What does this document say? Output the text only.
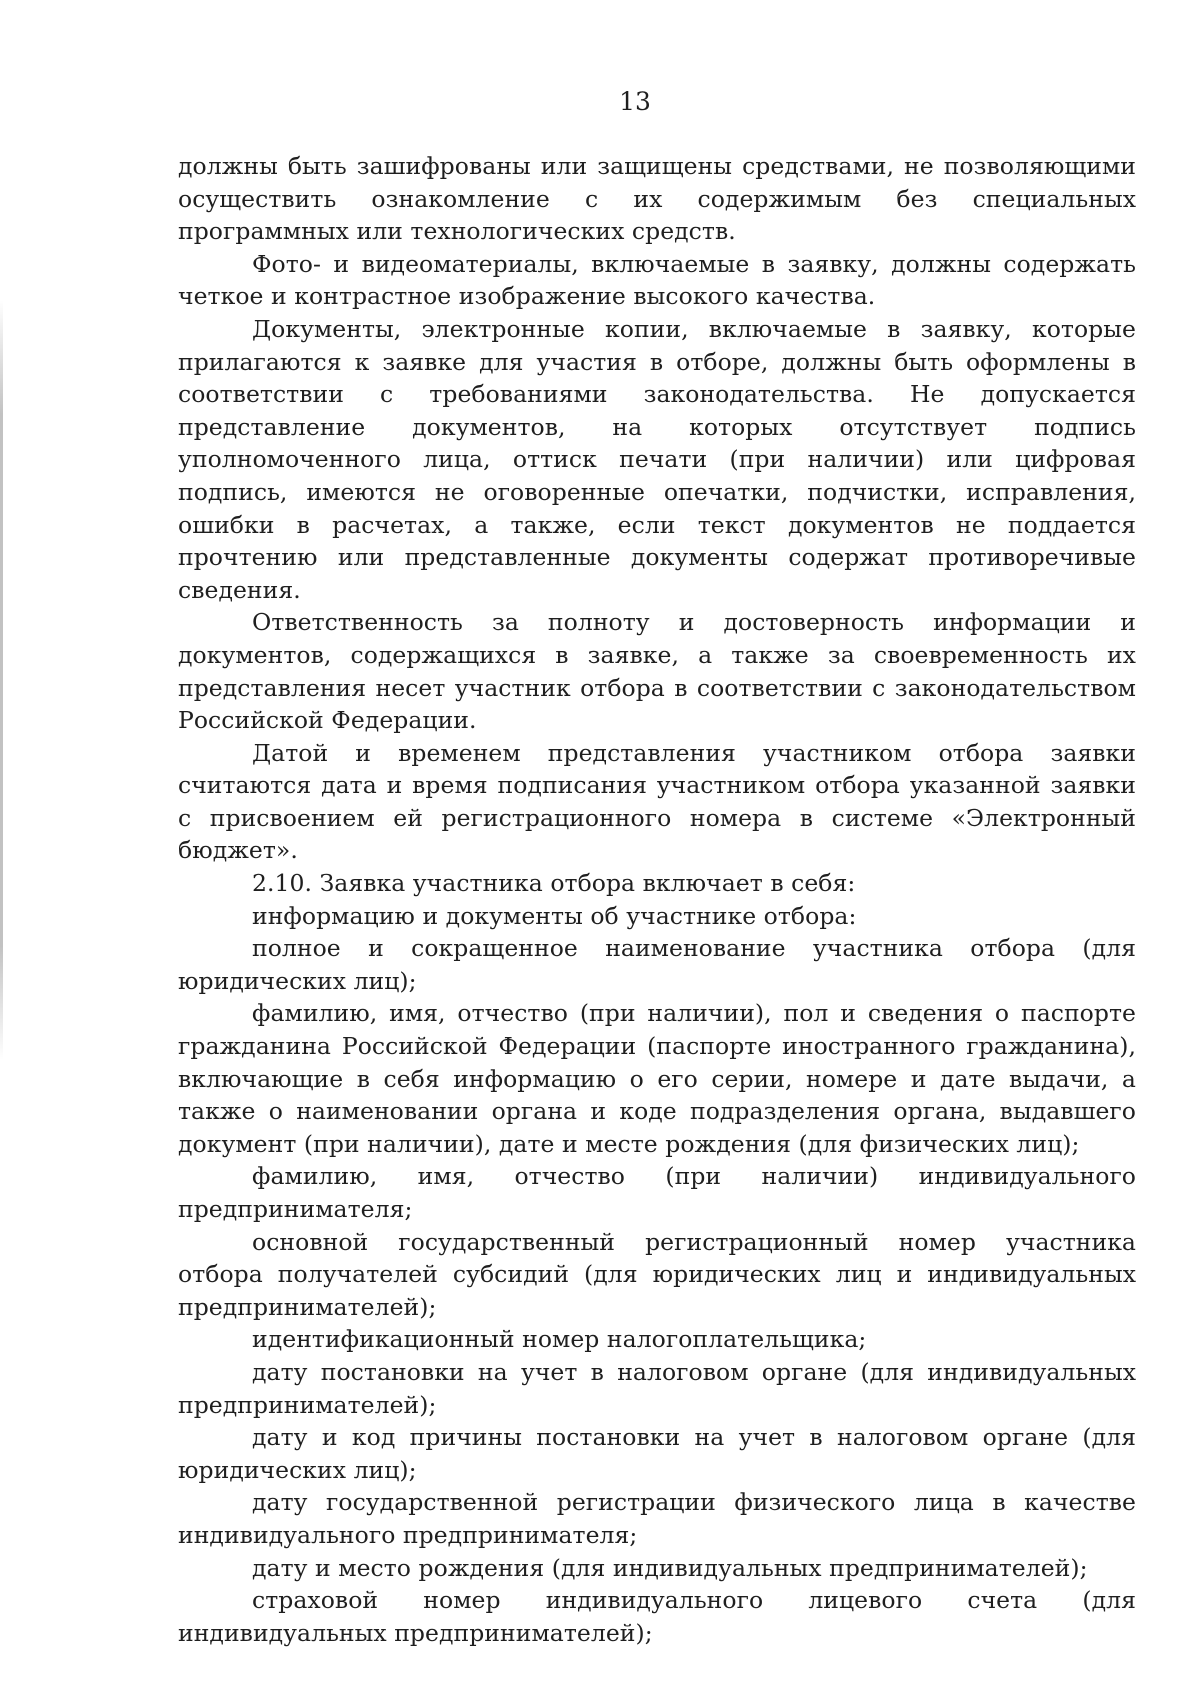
13

должны быть зашифрованы или защищены средствами, не позволяющими осуществить ознакомление с их содержимым без специальных программных или технологических средств.

Фото- и видеоматериалы, включаемые в заявку, должны содержать четкое и контрастное изображение высокого качества.

Документы, электронные копии, включаемые в заявку, которые прилагаются к заявке для участия в отборе, должны быть оформлены в соответствии с требованиями законодательства. Не допускается представление документов, на которых отсутствует подпись уполномоченного лица, оттиск печати (при наличии) или цифровая подпись, имеются не оговоренные опечатки, подчистки, исправления, ошибки в расчетах, а также, если текст документов не поддается прочтению или представленные документы содержат противоречивые сведения.

Ответственность за полноту и достоверность информации и документов, содержащихся в заявке, а также за своевременность их представления несет участник отбора в соответствии с законодательством Российской Федерации.

Датой и временем представления участником отбора заявки считаются дата и время подписания участником отбора указанной заявки с присвоением ей регистрационного номера в системе «Электронный бюджет».

2.10. Заявка участника отбора включает в себя:

информацию и документы об участнике отбора:

полное и сокращенное наименование участника отбора (для юридических лиц);

фамилию, имя, отчество (при наличии), пол и сведения о паспорте гражданина Российской Федерации (паспорте иностранного гражданина), включающие в себя информацию о его серии, номере и дате выдачи, а также о наименовании органа и коде подразделения органа, выдавшего документ (при наличии), дате и месте рождения (для физических лиц);

фамилию, имя, отчество (при наличии) индивидуального предпринимателя;

основной государственный регистрационный номер участника отбора получателей субсидий (для юридических лиц и индивидуальных предпринимателей);

идентификационный номер налогоплательщика;

дату постановки на учет в налоговом органе (для индивидуальных предпринимателей);

дату и код причины постановки на учет в налоговом органе (для юридических лиц);

дату государственной регистрации физического лица в качестве индивидуального предпринимателя;

дату и место рождения (для индивидуальных предпринимателей);

страховой номер индивидуального лицевого счета (для индивидуальных предпринимателей);
